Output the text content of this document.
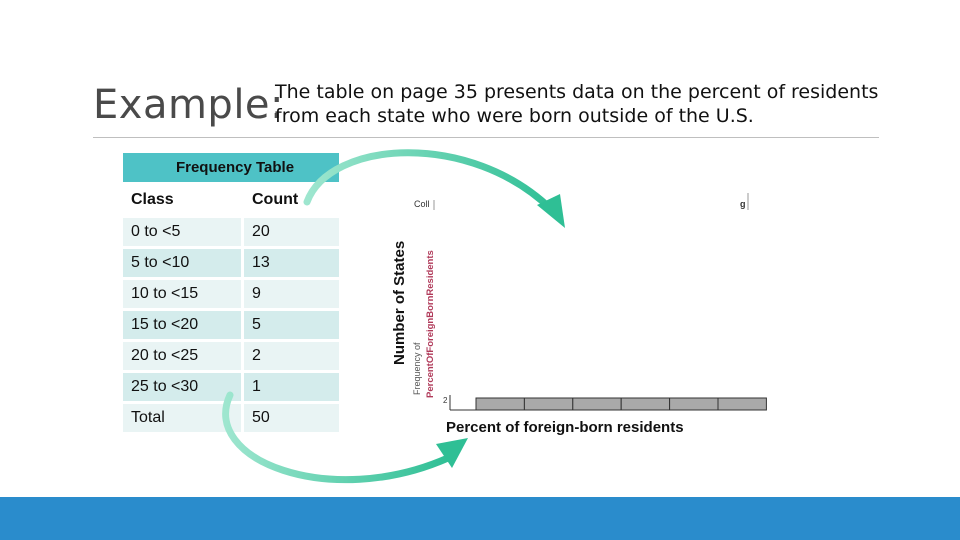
Example:
The table on page 35 presents data on the percent of residents from each state who were born outside of the U.S.
Frequency Table	
Class	Count
0 to <5	20
5 to <10	13
10 to <15	9
15 to <20	5
20 to <25	2
25 to <30	1
Total	50
Number of States
Frequency of PercentOfForeignBornResidents
Coll	g
2
Percent of foreign-born residents
